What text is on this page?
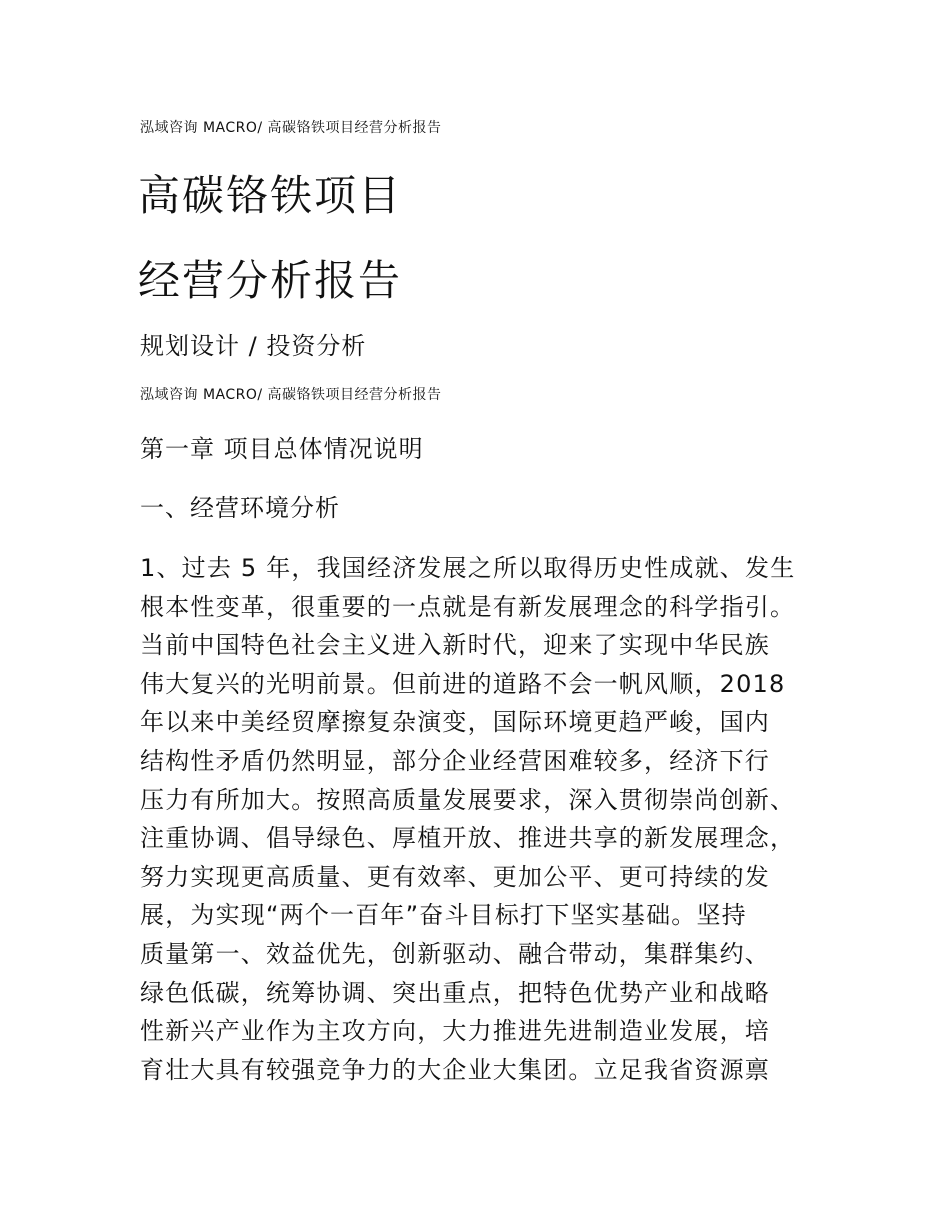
泓域咨询 MACRO/ 高碳铬铁项目经营分析报告
高碳铬铁项目
经营分析报告
规划设计 / 投资分析
泓域咨询 MACRO/ 高碳铬铁项目经营分析报告
第一章 项目总体情况说明
一、经营环境分析

1、过去 5 年，我国经济发展之所以取得历史性成就、发生

根本性变革，很重要的一点就是有新发展理念的科学指引。

当前中国特色社会主义进入新时代，迎来了实现中华民族

伟大复兴的光明前景。但前进的道路不会一帆风顺，2018

年以来中美经贸摩擦复杂演变，国际环境更趋严峻，国内

结构性矛盾仍然明显，部分企业经营困难较多，经济下行

压力有所加大。按照高质量发展要求，深入贯彻崇尚创新、

注重协调、倡导绿色、厚植开放、推进共享的新发展理念，

努力实现更高质量、更有效率、更加公平、更可持续的发

展，为实现“两个一百年”奋斗目标打下坚实基础。坚持

质量第一、效益优先，创新驱动、融合带动，集群集约、

绿色低碳，统筹协调、突出重点，把特色优势产业和战略

性新兴产业作为主攻方向，大力推进先进制造业发展，培

育壮大具有较强竞争力的大企业大集团。立足我省资源禀
